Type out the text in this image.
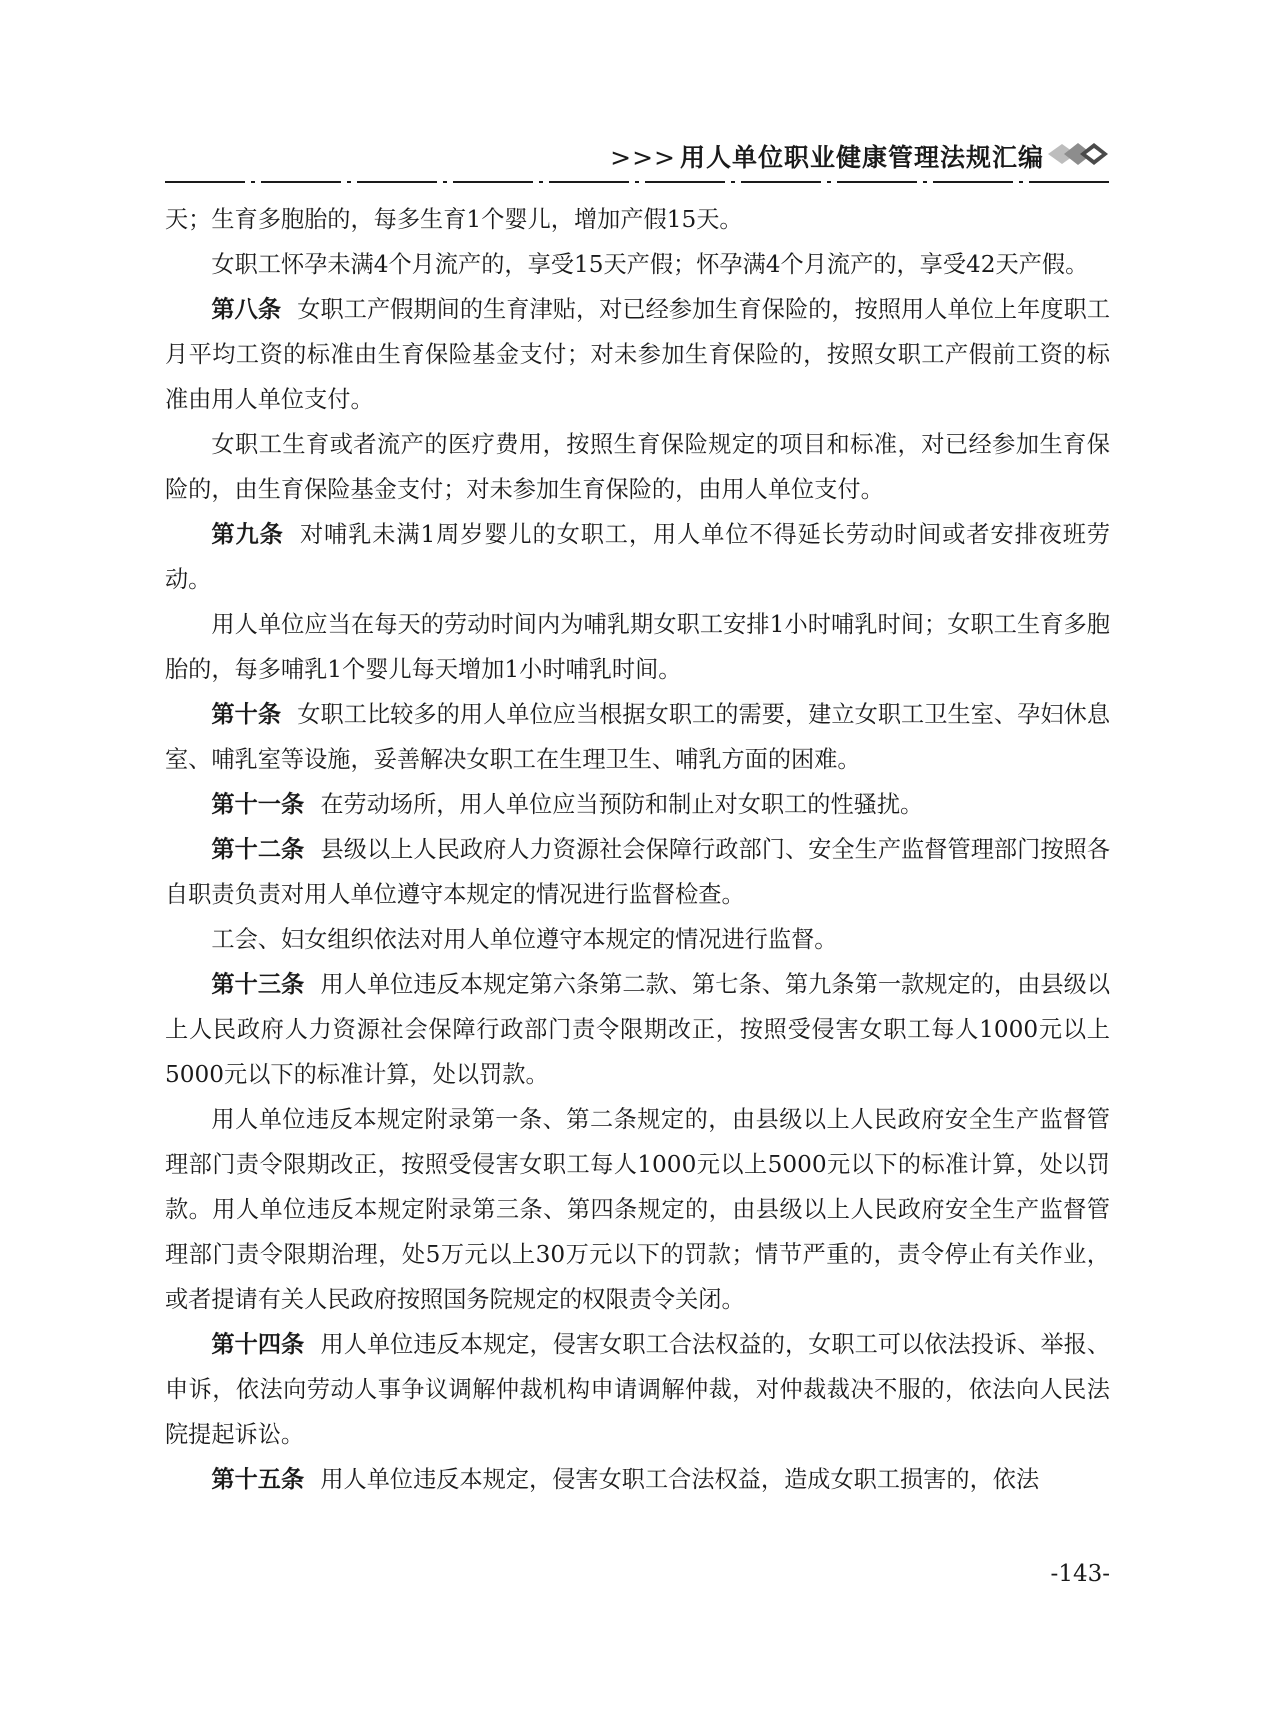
>>> 用人单位职业健康管理法规汇编

天；生育多胞胎的，每多生育1个婴儿，增加产假15天。

女职工怀孕未满4个月流产的，享受15天产假；怀孕满4个月流产的，享受42天产假。

第八条 女职工产假期间的生育津贴，对已经参加生育保险的，按照用人单位上年度职工月平均工资的标准由生育保险基金支付；对未参加生育保险的，按照女职工产假前工资的标准由用人单位支付。

女职工生育或者流产的医疗费用，按照生育保险规定的项目和标准，对已经参加生育保险的，由生育保险基金支付；对未参加生育保险的，由用人单位支付。

第九条 对哺乳未满1周岁婴儿的女职工，用人单位不得延长劳动时间或者安排夜班劳动。

用人单位应当在每天的劳动时间内为哺乳期女职工安排1小时哺乳时间；女职工生育多胞胎的，每多哺乳1个婴儿每天增加1小时哺乳时间。

第十条 女职工比较多的用人单位应当根据女职工的需要，建立女职工卫生室、孕妇休息室、哺乳室等设施，妥善解决女职工在生理卫生、哺乳方面的困难。

第十一条 在劳动场所，用人单位应当预防和制止对女职工的性骚扰。

第十二条 县级以上人民政府人力资源社会保障行政部门、安全生产监督管理部门按照各自职责负责对用人单位遵守本规定的情况进行监督检查。

工会、妇女组织依法对用人单位遵守本规定的情况进行监督。

第十三条 用人单位违反本规定第六条第二款、第七条、第九条第一款规定的，由县级以上人民政府人力资源社会保障行政部门责令限期改正，按照受侵害女职工每人1000元以上5000元以下的标准计算，处以罚款。

用人单位违反本规定附录第一条、第二条规定的，由县级以上人民政府安全生产监督管理部门责令限期改正，按照受侵害女职工每人1000元以上5000元以下的标准计算，处以罚款。用人单位违反本规定附录第三条、第四条规定的，由县级以上人民政府安全生产监督管理部门责令限期治理，处5万元以上30万元以下的罚款；情节严重的，责令停止有关作业，或者提请有关人民政府按照国务院规定的权限责令关闭。

第十四条 用人单位违反本规定，侵害女职工合法权益的，女职工可以依法投诉、举报、申诉，依法向劳动人事争议调解仲裁机构申请调解仲裁，对仲裁裁决不服的，依法向人民法院提起诉讼。

第十五条 用人单位违反本规定，侵害女职工合法权益，造成女职工损害的，依法

-143-
